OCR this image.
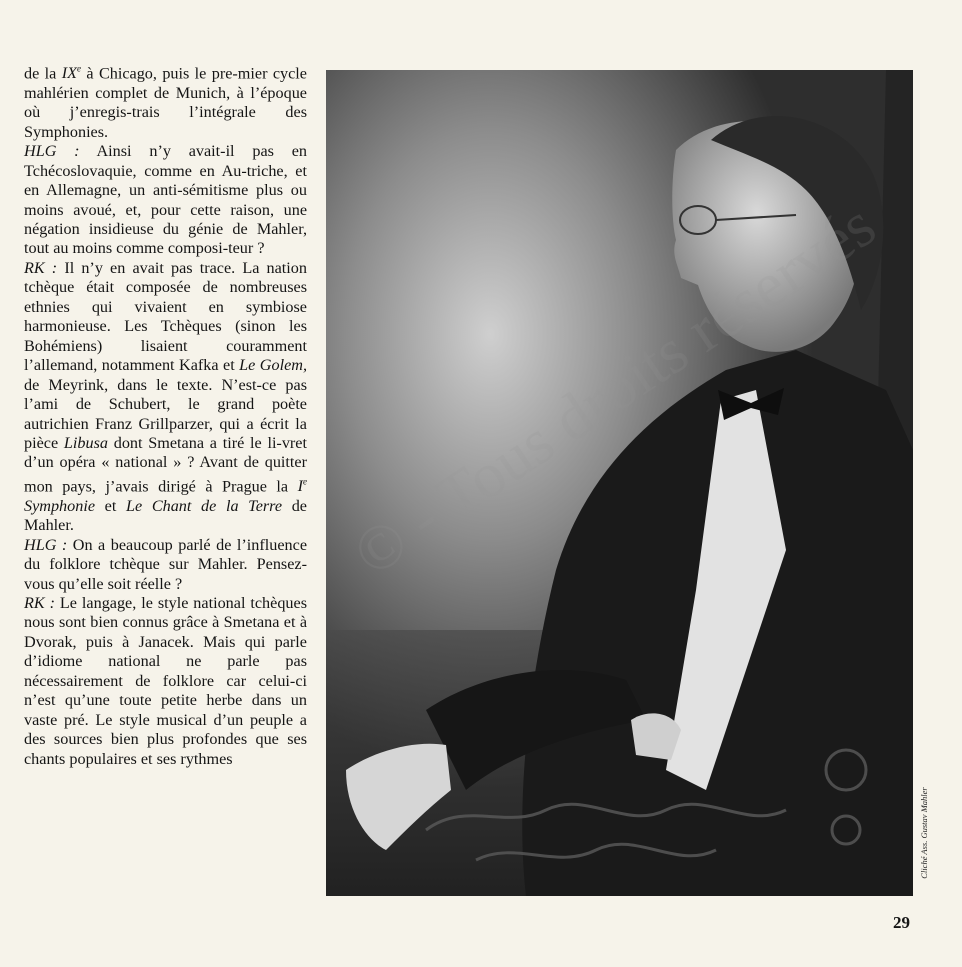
de la IXe à Chicago, puis le pre-mier cycle mahlérien complet de Munich, à l’époque où j’enregis-trais l’intégrale des Symphonies.

HLG : Ainsi n’y avait-il pas en Tchécoslovaquie, comme en Au-triche, et en Allemagne, un anti-sémitisme plus ou moins avoué, et, pour cette raison, une négation insidieuse du génie de Mahler, tout au moins comme composi-teur ?

RK : Il n’y en avait pas trace. La nation tchèque était composée de nombreuses ethnies qui vivaient en symbiose harmonieuse. Les Tchèques (sinon les Bohémiens) lisaient couramment l’allemand, notamment Kafka et Le Golem, de Meyrink, dans le texte. N’est-ce pas l’ami de Schubert, le grand poète autrichien Franz Grillparzer, qui a écrit la pièce Libusa dont Smetana a tiré le li-vret d’un opéra « national » ? Avant de quitter mon pays, j’avais dirigé à Prague la Ie Symphonie et Le Chant de la Terre de Mahler.

HLG : On a beaucoup parlé de l’influence du folklore tchèque sur Mahler. Pensez-vous qu’elle soit réelle ?

RK : Le langage, le style national tchèques nous sont bien connus grâce à Smetana et à Dvorak, puis à Janacek. Mais qui parle d’idiome national ne parle pas nécessairement de folklore car celui-ci n’est qu’une toute petite herbe dans un vaste pré. Le style musical d’un peuple a des sources bien plus profondes que ses chants populaires et ses rythmes

Cliché Ass. Gustav Mahler
29
